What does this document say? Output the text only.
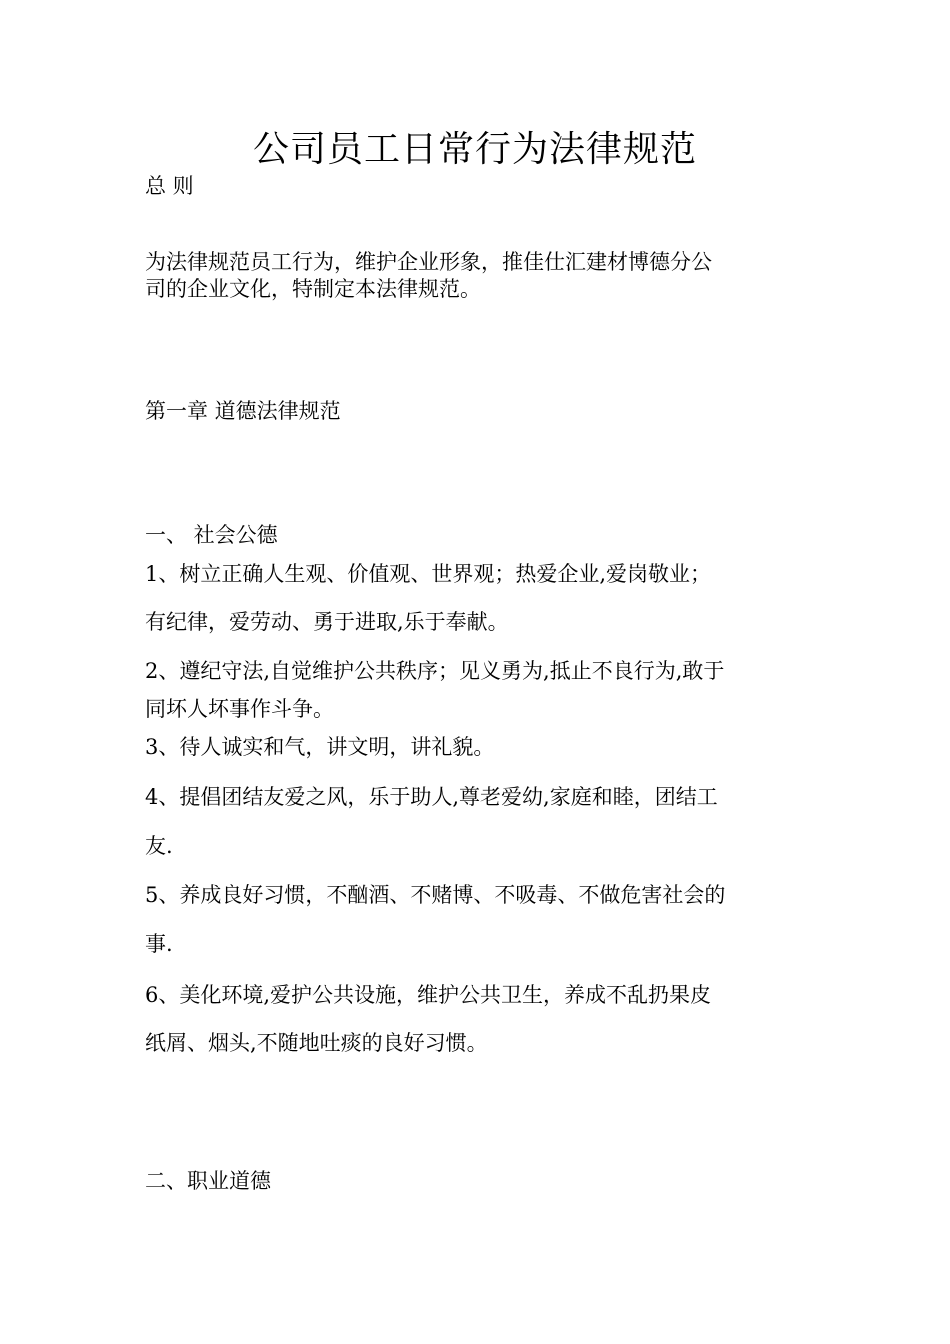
公司员工日常行为法律规范
总 则
为法律规范员工行为，维护企业形象，推佳仕汇建材博德分公
司的企业文化，特制定本法律规范。
第一章 道德法律规范
一、 社会公德
1、树立正确人生观、价值观、世界观；热爱企业,爱岗敬业；
有纪律，爱劳动、勇于进取,乐于奉献。
2、遵纪守法,自觉维护公共秩序；见义勇为,抵止不良行为,敢于
同坏人坏事作斗争。
3、待人诚实和气，讲文明，讲礼貌。
4、提倡团结友爱之风，乐于助人,尊老爱幼,家庭和睦，团结工
友.
5、养成良好习惯，不酗酒、不赌博、不吸毒、不做危害社会的
事.
6、美化环境,爱护公共设施，维护公共卫生，养成不乱扔果皮
纸屑、烟头,不随地吐痰的良好习惯。
二、职业道德
